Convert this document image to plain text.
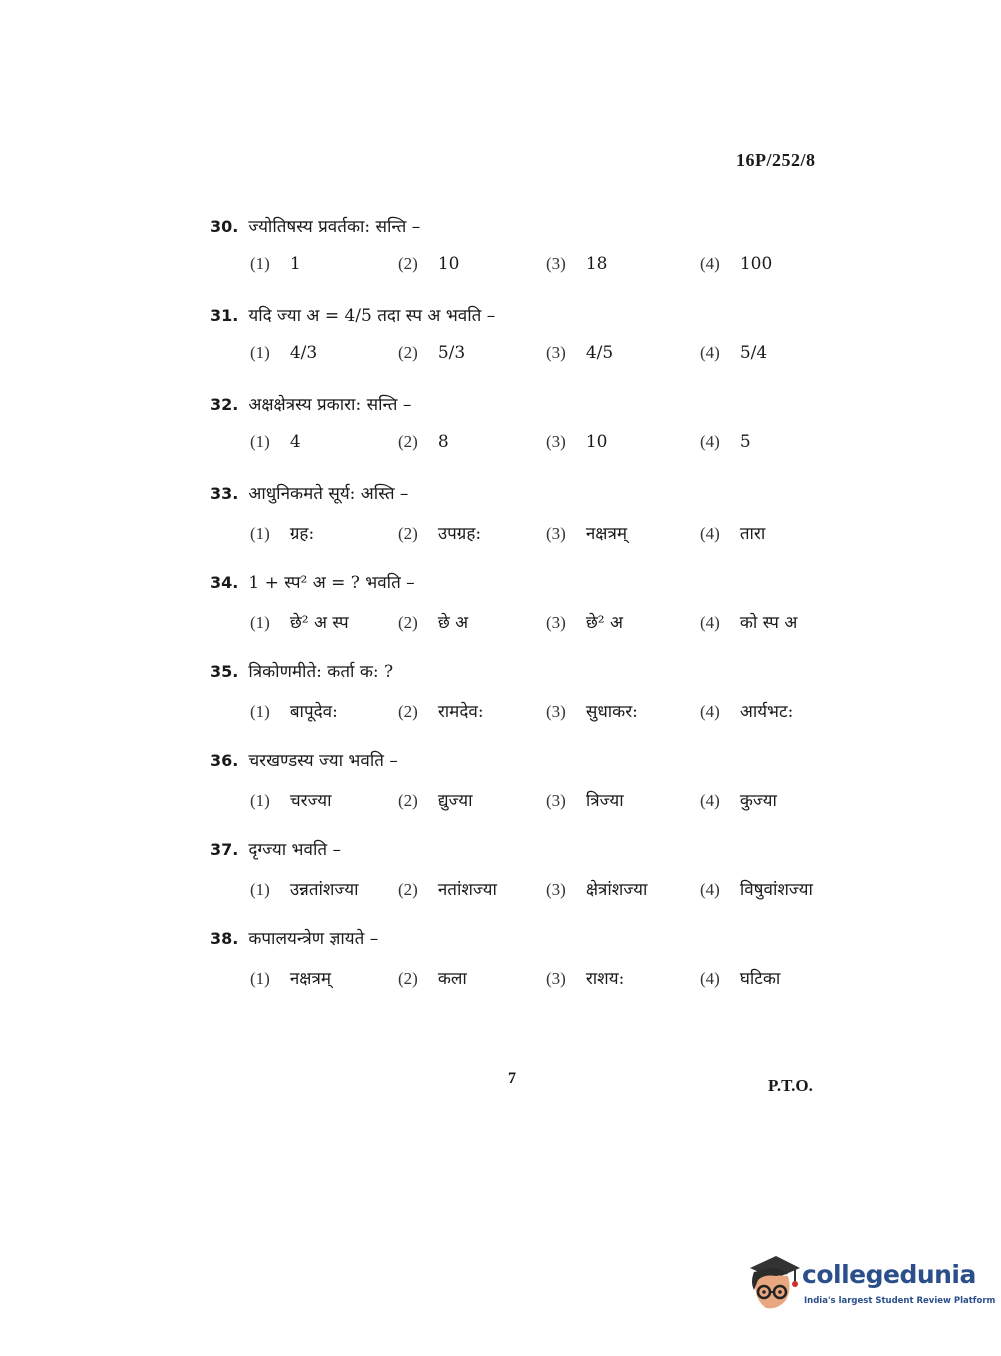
16P/252/8
30. ज्योतिषस्य प्रवर्तका: सन्ति –
(1) 1	(2) 10	(3) 18	(4) 100
31. यदि ज्या अ = 4/5 तदा स्प अ भवति –
(1) 4/3	(2) 5/3	(3) 4/5	(4) 5/4
32. अक्षक्षेत्रस्य प्रकारा: सन्ति –
(1) 4	(2) 8	(3) 10	(4) 5
33. आधुनिकमते सूर्य: अस्ति –
(1) ग्रह:	(2) उपग्रह:	(3) नक्षत्रम्	(4) तारा
34. 1 + स्प² अ = ? भवति –
(1) छे² अ स्प	(2) छे अ	(3) छे² अ	(4) को स्प अ
35. त्रिकोणमीते: कर्ता क: ?
(1) बापूदेव:	(2) रामदेव:	(3) सुधाकर:	(4) आर्यभट:
36. चरखण्डस्य ज्या भवति –
(1) चरज्या	(2) द्युज्या	(3) त्रिज्या	(4) कुज्या
37. दृग्ज्या भवति –
(1) उन्नतांशज्या (2) नतांशज्या	(3) क्षेत्रांशज्या	(4) विषुवांशज्या
38. कपालयन्त्रेण ज्ञायते –
(1) नक्षत्रम्	(2) कला	(3) राशय:	(4) घटिका
7	P.T.O.
collegedunia
India's largest Student Review Platform
